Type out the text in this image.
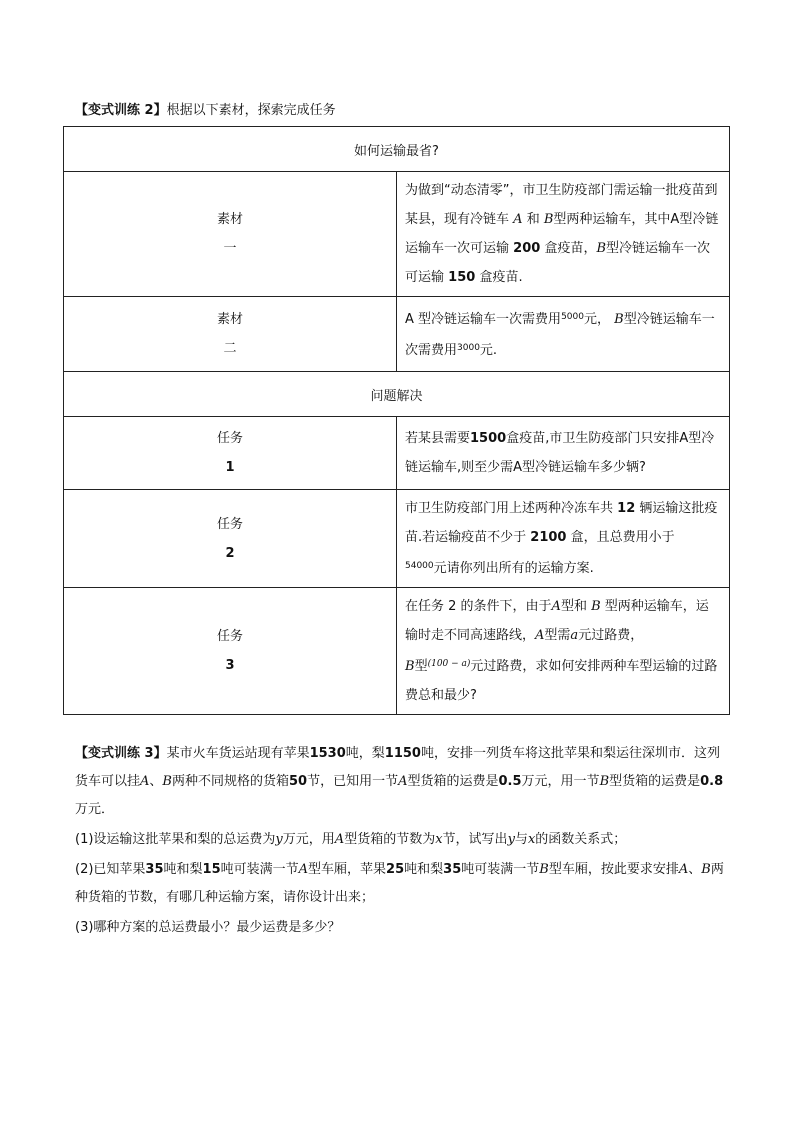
【变式训练 2】根据以下素材，探索完成任务
如何运输最省?	
素材
一	为做到“动态清零”，市卫生防疫部门需运输一批疫苗到某县，现有冷链车 A 和 B型两种运输车，其中A型冷链运输车一次可运输 200 盒疫苗，B型冷链运输车一次可运输 150 盒疫苗.
素材
二	A 型冷链运输车一次需费用$^{5000}$元， B型冷链运输车一次需费用$^{3000}$元.
问题解决	
任务
1	若某县需要1500盒疫苗,市卫生防疫部门只安排A型冷链运输车,则至少需A型冷链运输车多少辆?
任务
2	市卫生防疫部门用上述两种冷冻车共 12 辆运输这批疫苗.若运输疫苗不少于 2100 盒，且总费用小于
$^{54000}$元请你列出所有的运输方案.
任务
3	在任务 2 的条件下，由于A型和 B 型两种运输车，运输时走不同高速路线，A型需a元过路费，
B型$^{(100 - a)}$元过路费，求如何安排两种车型运输的过路费总和最少?

【变式训练 3】某市火车货运站现有苹果1530吨，梨1150吨，安排一列货车将这批苹果和梨运往深圳市．这列货车可以挂A、B两种不同规格的货箱50节，已知用一节A型货箱的运费是0.5万元，用一节B型货箱的运费是0.8万元．

(1)设运输这批苹果和梨的总运费为y万元，用A型货箱的节数为x节，试写出y与x的函数关系式；

(2)已知苹果35吨和梨15吨可装满一节A型车厢，苹果25吨和梨35吨可装满一节B型车厢，按此要求安排A、B两种货箱的节数，有哪几种运输方案，请你设计出来；

(3)哪种方案的总运费最小？最少运费是多少？
